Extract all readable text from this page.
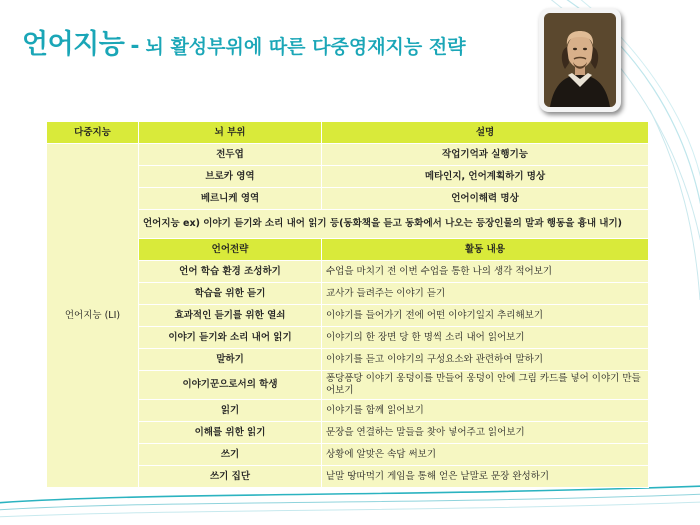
언어지능 - 뇌 활성부위에 따른 다중영재지능 전략
다중지능	뇌 부위	설명
언어지능 (LI)	전두엽	작업기억과 실행기능
	브로카 영역	메타인지, 언어계획하기 명상
	베르니케 영역	언어이해력 명상
	언어지능 ex) 이야기 듣기와 소리 내어 읽기 등(동화책을 듣고 동화에서 나오는 등장인물의 말과 행동을 흉내 내기)	
	언어전략	활동 내용
	언어 학습 환경 조성하기	수업을 마치기 전 이번 수업을 통한 나의 생각 적어보기
	학습을 위한 듣기	교사가 들려주는 이야기 듣기
	효과적인 듣기를 위한 열쇠	이야기를 들어가기 전에 어떤 이야기일지 추리해보기
	이야기 듣기와 소리 내어 읽기	이야기의 한 장면 당 한 명씩 소리 내어 읽어보기
	말하기	이야기를 듣고 이야기의 구성요소와 관련하여 말하기
	이야기꾼으로서의 학생	퐁당퐁당 이야기 웅덩이를 만들어 웅덩이 안에 그림 카드를 넣어 이야기 만들어보기
	읽기	이야기를 함께 읽어보기
	이해를 위한 읽기	문장을 연결하는 말들을 찾아 넣어주고 읽어보기
	쓰기	상황에 알맞은 속담 써보기
	쓰기 집단	낱말 땅따먹기 게임을 통해 얻은 낱말로 문장 완성하기
